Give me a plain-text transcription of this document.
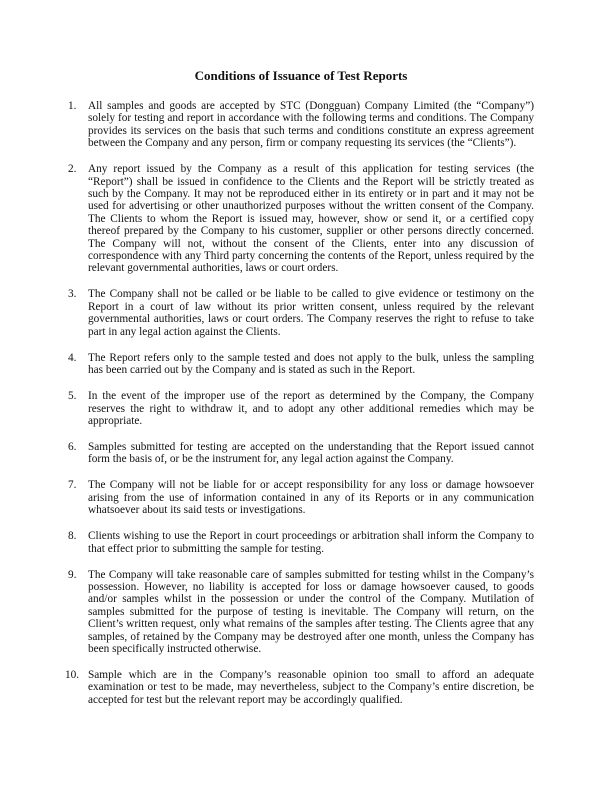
Conditions of Issuance of Test Reports
1.	All samples and goods are accepted by STC (Dongguan) Company Limited (the “Company”) solely for testing and report in accordance with the following terms and conditions. The Company provides its services on the basis that such terms and conditions constitute an express agreement between the Company and any person, firm or company requesting its services (the “Clients”).
2.	Any report issued by the Company as a result of this application for testing services (the “Report”) shall be issued in confidence to the Clients and the Report will be strictly treated as such by the Company. It may not be reproduced either in its entirety or in part and it may not be used for advertising or other unauthorized purposes without the written consent of the Company. The Clients to whom the Report is issued may, however, show or send it, or a certified copy thereof prepared by the Company to his customer, supplier or other persons directly concerned. The Company will not, without the consent of the Clients, enter into any discussion of correspondence with any Third party concerning the contents of the Report, unless required by the relevant governmental authorities, laws or court orders.
3.	The Company shall not be called or be liable to be called to give evidence or testimony on the Report in a court of law without its prior written consent, unless required by the relevant governmental authorities, laws or court orders. The Company reserves the right to refuse to take part in any legal action against the Clients.
4.	The Report refers only to the sample tested and does not apply to the bulk, unless the sampling has been carried out by the Company and is stated as such in the Report.
5.	In the event of the improper use of the report as determined by the Company, the Company reserves the right to withdraw it, and to adopt any other additional remedies which may be appropriate.
6.	Samples submitted for testing are accepted on the understanding that the Report issued cannot form the basis of, or be the instrument for, any legal action against the Company.
7.	The Company will not be liable for or accept responsibility for any loss or damage howsoever arising from the use of information contained in any of its Reports or in any communication whatsoever about its said tests or investigations.
8.	Clients wishing to use the Report in court proceedings or arbitration shall inform the Company to that effect prior to submitting the sample for testing.
9.	The Company will take reasonable care of samples submitted for testing whilst in the Company’s possession. However, no liability is accepted for loss or damage howsoever caused, to goods and/or samples whilst in the possession or under the control of the Company. Mutilation of samples submitted for the purpose of testing is inevitable. The Company will return, on the Client’s written request, only what remains of the samples after testing. The Clients agree that any samples, of retained by the Company may be destroyed after one month, unless the Company has been specifically instructed otherwise.
10. Sample which are in the Company’s reasonable opinion too small to afford an adequate examination or test to be made, may nevertheless, subject to the Company’s entire discretion, be accepted for test but the relevant report may be accordingly qualified.
